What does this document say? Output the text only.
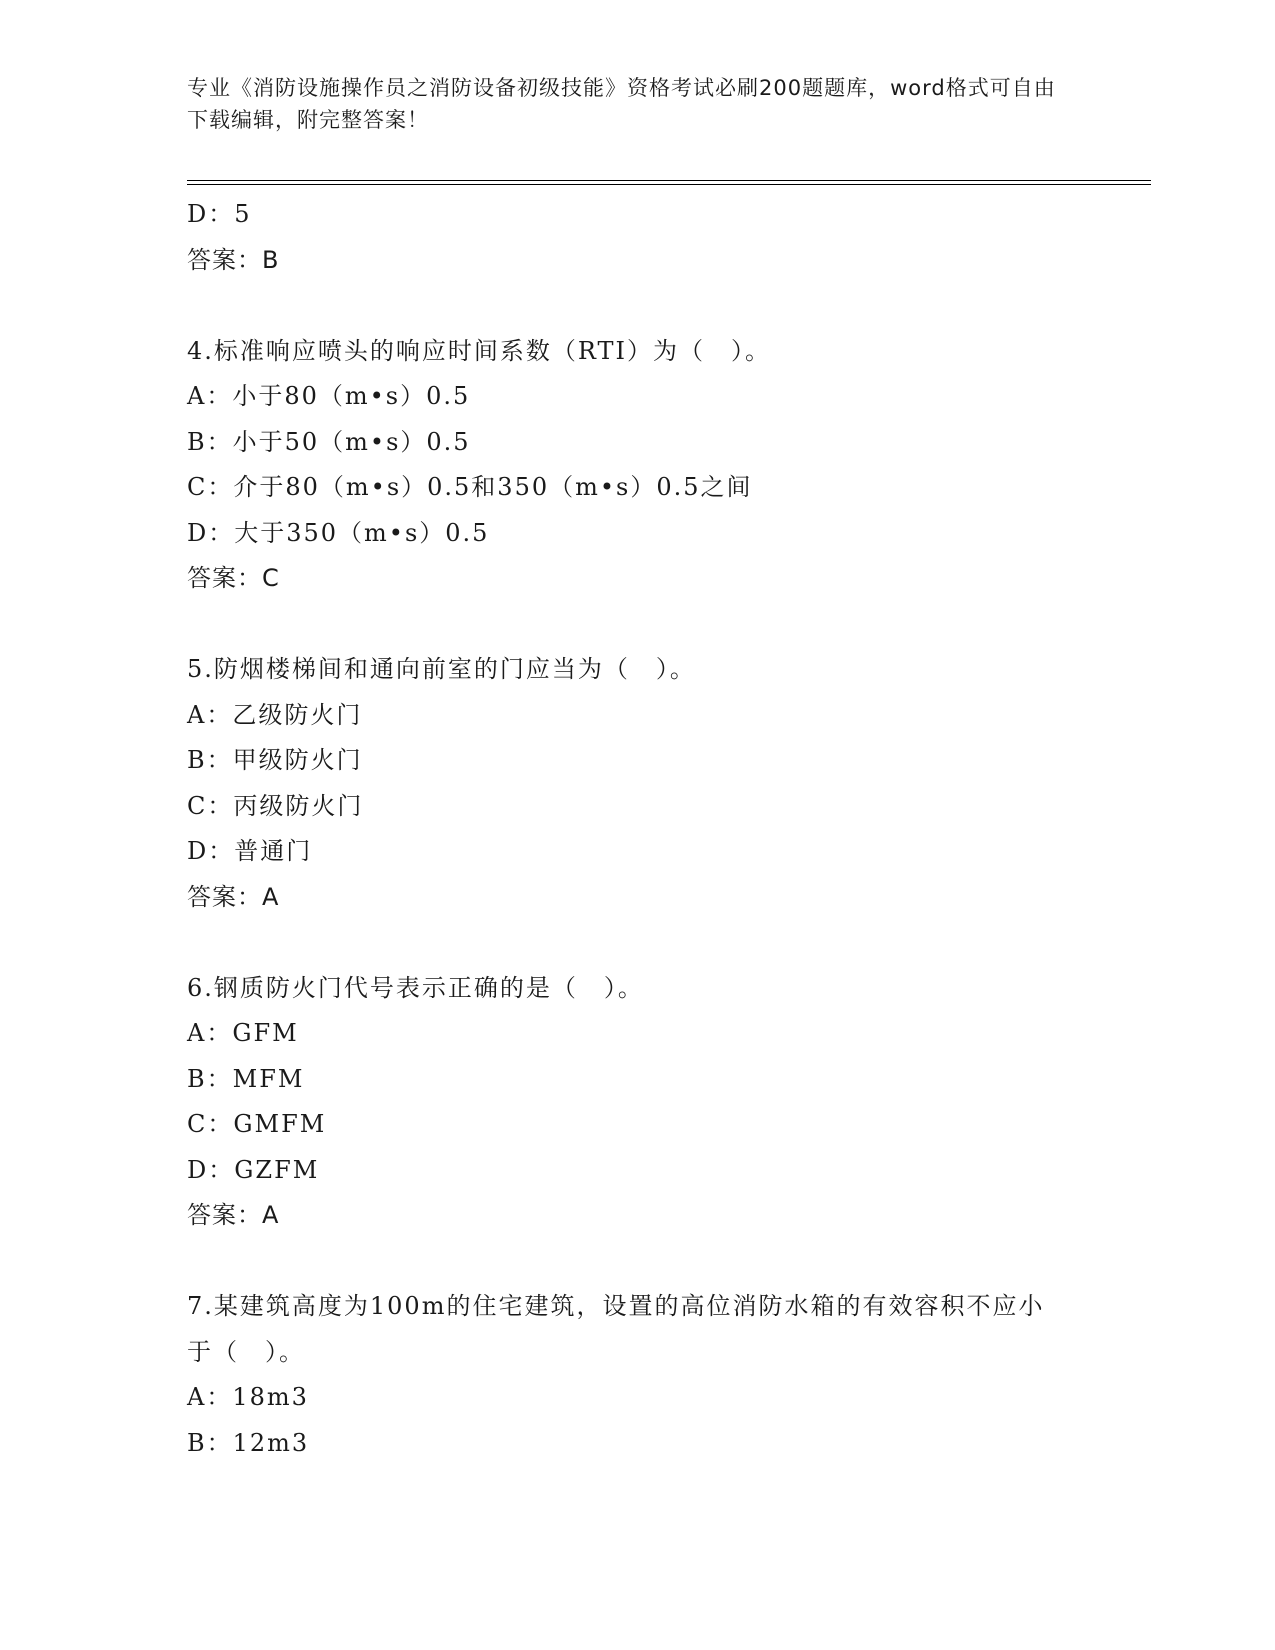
专业《消防设施操作员之消防设备初级技能》资格考试必刷200题题库，word格式可自由下载编辑，附完整答案！
D：5
答案：B
4.标准响应喷头的响应时间系数（RTI）为（　）。
A：小于80（m•s）0.5
B：小于50（m•s）0.5
C：介于80（m•s）0.5和350（m•s）0.5之间
D：大于350（m•s）0.5
答案：C
5.防烟楼梯间和通向前室的门应当为（　）。
A：乙级防火门
B：甲级防火门
C：丙级防火门
D：普通门
答案：A
6.钢质防火门代号表示正确的是（　）。
A：GFM
B：MFM
C：GMFM
D：GZFM
答案：A
7.某建筑高度为100m的住宅建筑，设置的高位消防水箱的有效容积不应小于（　）。
A：18m3
B：12m3
